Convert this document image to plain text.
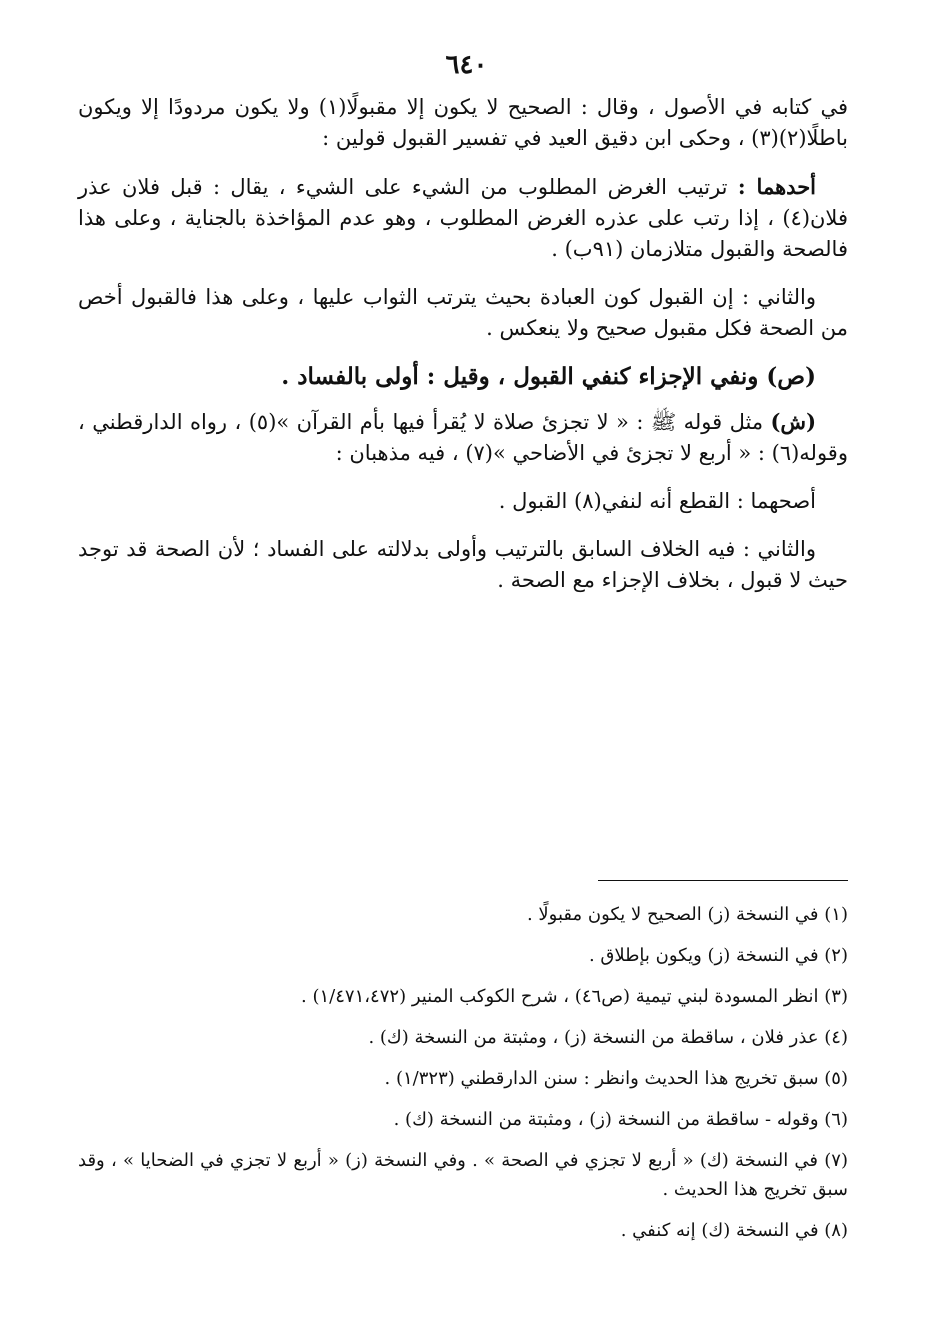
٦٤٠

في كتابه في الأصول ، وقال : الصحيح لا يكون إلا مقبولًا(١) ولا يكون مردودًا إلا ويكون باطلًا(٢)(٣) ، وحكى ابن دقيق العيد في تفسير القبول قولين :

أحدهما : ترتيب الغرض المطلوب من الشيء على الشيء ، يقال : قبل فلان عذر فلان(٤) ، إذا رتب على عذره الغرض المطلوب ، وهو عدم المؤاخذة بالجناية ، وعلى هذا فالصحة والقبول متلازمان (٩١ب) .

والثاني : إن القبول كون العبادة بحيث يترتب الثواب عليها ، وعلى هذا فالقبول أخص من الصحة فكل مقبول صحيح ولا ينعكس .

(ص) ونفي الإجزاء كنفي القبول ، وقيل : أولى بالفساد .

(ش) مثل قوله ﷺ : « لا تجزئ صلاة لا يُقرأ فيها بأم القرآن »(٥) ، رواه الدارقطني ، وقوله(٦) : « أربع لا تجزئ في الأضاحي »(٧) ، فيه مذهبان :

أصحهما : القطع أنه لنفي(٨) القبول .

والثاني : فيه الخلاف السابق بالترتيب وأولى بدلالته على الفساد ؛ لأن الصحة قد توجد حيث لا قبول ، بخلاف الإجزاء مع الصحة .

(١) في النسخة (ز) الصحيح لا يكون مقبولًا .
(٢) في النسخة (ز) ويكون بإطلاق .
(٣) انظر المسودة لبني تيمية (ص٤٦) ، شرح الكوكب المنير (١/٤٧١،٤٧٢) .
(٤) عذر فلان ، ساقطة من النسخة (ز) ، ومثبتة من النسخة (ك) .
(٥) سبق تخريج هذا الحديث وانظر : سنن الدارقطني (١/٣٢٣) .
(٦) وقوله - ساقطة من النسخة (ز) ، ومثبتة من النسخة (ك) .
(٧) في النسخة (ك) « أربع لا تجزي في الصحة » . وفي النسخة (ز) « أربع لا تجزي في الضحايا » ، وقد سبق تخريج هذا الحديث .
(٨) في النسخة (ك) إنه كنفي .
